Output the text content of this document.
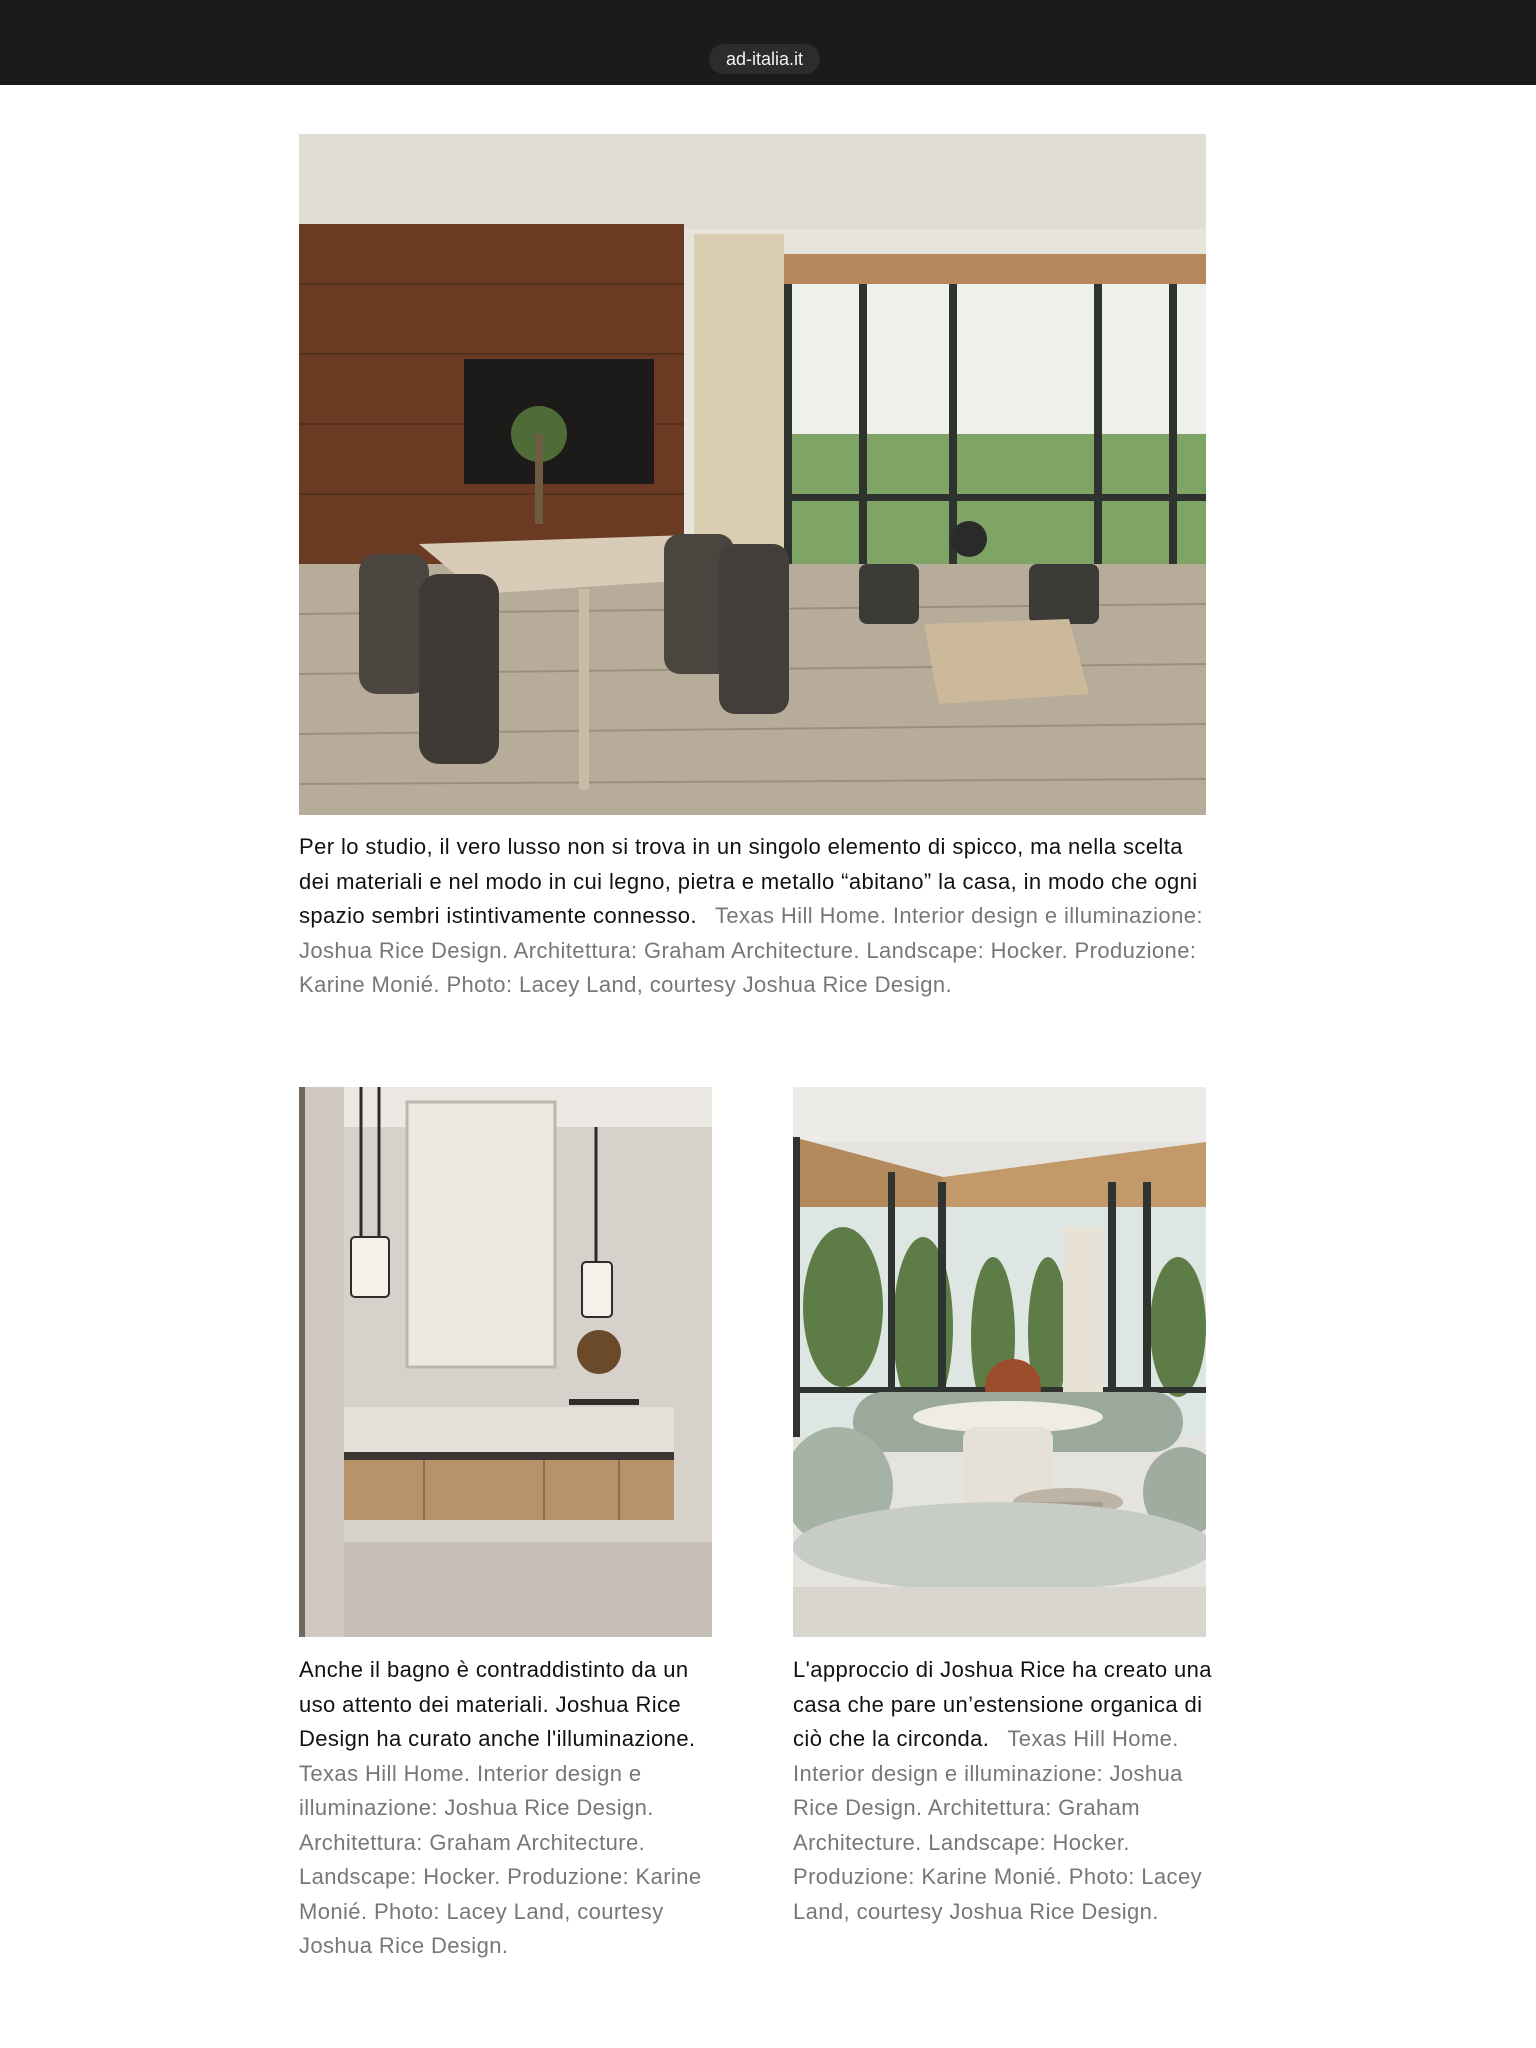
ad-italia.it

Per lo studio, il vero lusso non si trova in un singolo elemento di spicco, ma nella scelta dei materiali e nel modo in cui legno, pietra e metallo “abitano” la casa, in modo che ogni spazio sembri istintivamente connesso. Texas Hill Home. Interior design e illuminazione: Joshua Rice Design. Architettura: Graham Architecture. Landscape: Hocker. Produzione: Karine Monié. Photo: Lacey Land, courtesy Joshua Rice Design.

Anche il bagno è contraddistinto da un uso attento dei materiali. Joshua Rice Design ha curato anche l'illuminazione.Texas Hill Home. Interior design e illuminazione: Joshua Rice Design. Architettura: Graham Architecture. Landscape: Hocker. Produzione: Karine Monié. Photo: Lacey Land, courtesy Joshua Rice Design.

L'approccio di Joshua Rice ha creato una casa che pare un’estensione organica di ciò che la circonda. Texas Hill Home. Interior design e illuminazione: Joshua Rice Design. Architettura: Graham Architecture. Landscape: Hocker. Produzione: Karine Monié. Photo: Lacey Land, courtesy Joshua Rice Design.
